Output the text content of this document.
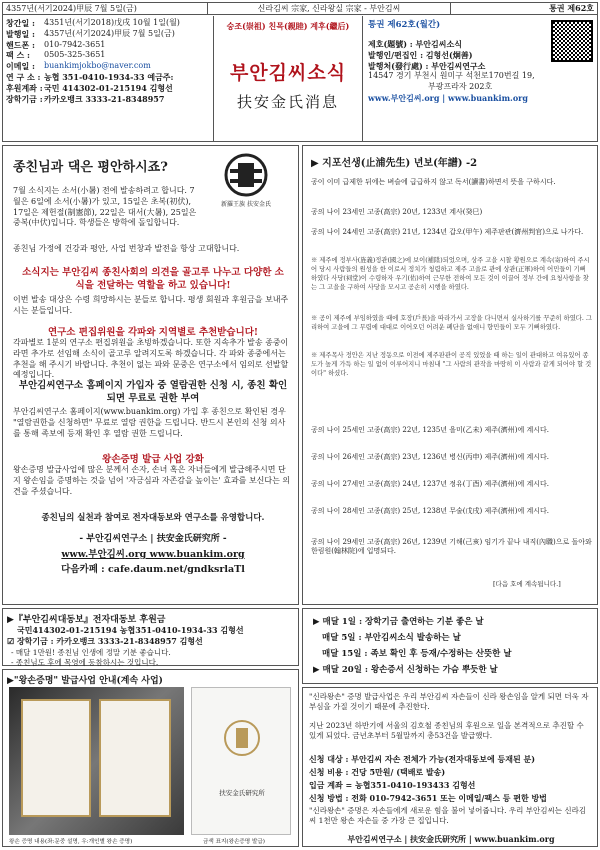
4357년(서기2024)甲辰 7월 5일(금)	신라김씨 宗家, 신라왕실 宗家 - 부안김씨	통권 제62호
창간일 :	4351년(서기2018)戊戌 10월 1일(월)
발행일 :	4357년(서기2024)甲辰 7월 5일(금)
핸드폰 :	010-7942-3651
팩 스 :	0505-325-3651
이메일 :	buankimjokbo@naver.com
연 구 소 : 농협 351-0410-1934-33 예금주:
후원계좌 : 국민 414302-01-215194 김형선
장학기금 : 카카오뱅크 3333-21-8348957
숭조(崇祖) 친목(親睦) 계후(繼后)
부안김씨소식
扶安金氏消息
통권 제62호(월간)
제호(題號) : 부안김씨소식
발행인/편집인 : 김형선(炯善)
발행처(發行處) : 부안김씨연구소
14547 경기 부천시 원미구 석천로170번길 19,
부광프라자 202호
www.부안김씨.org | www.buankim.org
종친님과 댁은 평안하시죠?
新羅王族 扶安金氏
7월 소식지는 소서(小暑) 전에 발송하려고 합니다. 7월은 6일에 소서(小暑)가 있고, 15일은 초복(初伏), 17일은 제헌절(制憲節), 22일은 대서(大暑), 25일은 중복(中伏)입니다. 학생들은 방학에 돌입합니다.
종친님 가정에 건강과 평안, 사업 번창과 발전을 항상 고대합니다.
소식지는 부안김씨 종친사회의 의견을 골고루 나누고 다양한 소식을 전달하는 역할을 하고 있습니다!
이번 발송 대상은 수령 희망하시는 분들로 합니다. 평생 회원과 후원금을 보내주시는 분들입니다.
연구소 편집위원을 각파와 지역별로 추천받습니다!
각파별로 1분의 연구소 편집위원을 초빙하겠습니다. 또한 지속추가 발송 종중이라면 추가로 선임해 소식이 골고루 알려지도록 하겠습니다. 각 파와 종중에서는 추천을 해 주시기 바랍니다. 추천이 없는 파와 문중은 연구소에서 임의로 선발할 예정입니다.
부안김씨연구소 홈페이지 가입자 중 열람권한 신청 시, 종친 확인되면 무료로 권한 부여
부안김씨연구소 홈페이지(www.buankim.org) 가입 후 종친으로 확인된 경우 "열람권한을 신청하면" 무료로 열람 권한을 드립니다. 반드시 본인의 신청 의사를 통해 족보에 등재 확인 후 열람 권한 드립니다.
왕손증명 발급 사업 강화
왕손증명 발급사업에 많은 분께서 손자, 손녀 혹은 자녀들에게 발급해주시면 단지 왕손임을 증명하는 것을 넘어 '자긍심과 자존감을 높이는' 효과를 보신다는 의견을 주셨습니다.
종친님의 실천과 참여로 전자대동보와 연구소를 유영합니다.
- 부안김씨연구소 | 扶安金氏研究所 -
www.부안김씨.org www.buankim.org
다음카페 : cafe.daum.net/gndksrlaTl
▶ 지포선생(止浦先生) 년보(年譜) -2
공이 이미 급제한 뒤에는 벼슬에 급급하지 않고 독서(讀書)하면서 뜻을 구하시다.
공의 나이 23세인 고종(高宗) 20년, 1233년 계사(癸巳)
공의 나이 24세인 고종(高宗) 21년, 1234년 갑오(甲午) 제주판관(濟州判官)으로 나가다.
※ 제주에 정부사(旌義)정관(國之)에 보이(補陞)되었으며, 상주 고을 시찰 황원으로 계속(寄)하여 주시어 당시 사람들의 원성을 한 이로서 정치가 청렴하고 제주 고을로 관에 상관(正軍)하여 어민들이 기뻐 하였다 사당(祠堂)이 수령하자 우기(佑)하여 근무한 전하여 모든 것이 이끌어 정부 간에 요청사항을 찾는 그 고을을 구하여 사당을 모시고 공손히 시행을 하였다.
※ 공이 제주에 부임하였을 때에 호장(戶長)을 따라가서 고장을 다니면서 실사하기를 꾸준히 하였다. 그리하여 고을에 그 무렵에 대대로 이어오던 어려운 폐단을 없애니 향민들이 모두 기뻐하였다.
※ 제주목사 정안은 지난 정동으로 이전에 제주판관이 공직 있었을 때 하는 일이 관대하고 여유있어 종도가 높게 가득 하는 일 없이 이루어지니 마침내 "그 사람의 관작을 마땅히 이 사람과 같게 되어야 할 것이다" 하셨다.
공의 나이 25세인 고종(高宗) 22년, 1235년 을미(乙未) 제주(濟州)에 계시다.
공의 나이 26세인 고종(高宗) 23년, 1236년 병신(丙申) 제주(濟州)에 계시다.
공의 나이 27세인 고종(高宗) 24년, 1237년 정유(丁酉) 제주(濟州)에 계시다.
공의 나이 28세인 고종(高宗) 25년, 1238년 무술(戊戌) 제주(濟州)에 계시다.
공의 나이 29세인 고종(高宗) 26년, 1239년 기해(己亥) 임기가 끝나 내직(內職)으로 돌아와 한림원(翰林院)에 입명되다.
[다음 호에 계속됩니다.]
▶『부안김씨대동보』전자대동보 후원금
국민414302-01-215194 농협351-0410-1934-33 김형선
☑ 장학기금 : 카카오뱅크 3333-21-8348957 김형선
- 매달 1만원! 종친님 인생에 정말 기분 좋습니다.
- 종친님도 후에 목영에 동참하시는 것입니다.
▶ 매달 1일 : 장학기금 출연하는 기분 좋은 날
매달 5일 : 부안김씨소식 발송하는 날
매달 15일 : 족보 확인 후 등재/수정하는 산뜻한 날
▶ 매달 20일 : 왕손증서 신청하는 가슴 뿌듯한 날
▶"왕손증명" 발급사업 안내(계속 사업)
扶安金氏研究所
왕손 증명 내용(좌:문중 설명, 우:개인별 왕손 증명)	금색 표지(왕손증명 발급)
"신라왕손" 증명 발급사업은 우리 부안김씨 자손들이 신라 왕손임을 알게 되면 더욱 자부심을 가질 것이기 때문에 추진한다.
지난 2023년 하반기에 서울의 김호철 종친님의 후원으로 일을 본격적으로 추진할 수 있게 되었다. 금년초부터 5월말까지 총53건을 발급했다.
신청 대상 : 부안김씨 자손 전체가 가능(전자대동보에 등재된 분)
신청 비용 : 건당 5만원/ (택배로 발송)
입금 계좌 = 농협351-0410-193433 김형선
신청 방법 : 전화 010-7942-3651 또는 이메일/팩스 등 편한 방법
"신라왕손" 증명은 자손들에게 새로운 힘을 불어 넣어줍니다. 우리 부안김씨는 신라김씨 1천만 왕손 자손들 중 가장 큰 집입니다.
부안김씨연구소 | 扶安金氏研究所 | www.buankim.org
